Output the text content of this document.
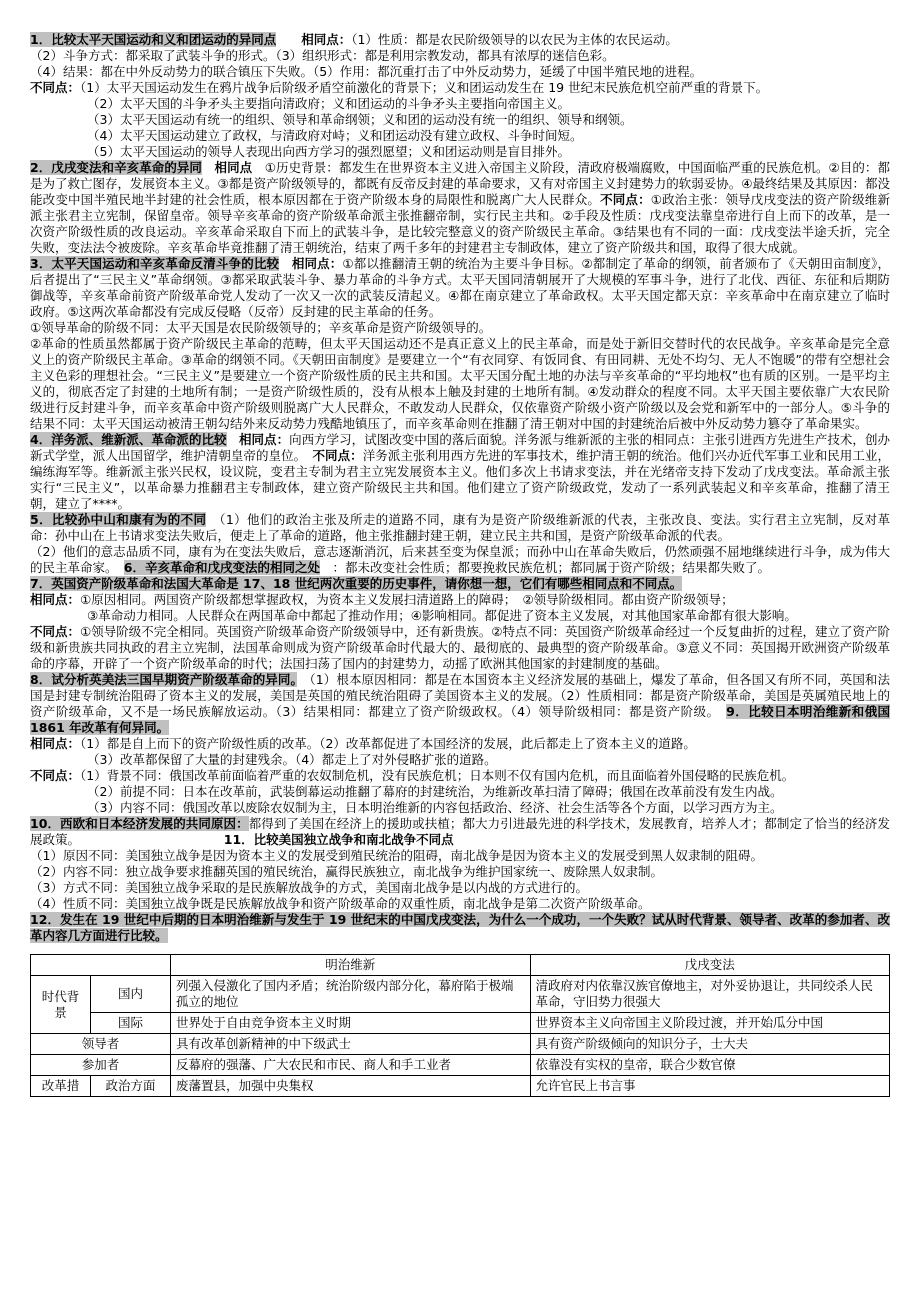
1．比较太平天国运动和义和团运动的异同点　　相同点：（1）性质：都是农民阶级领导的以农民为主体的农民运动。

（2）斗争方式：都采取了武装斗争的形式。（3）组织形式：都是利用宗教发动，都具有浓厚的迷信色彩。

（4）结果：都在中外反动势力的联合镇压下失败。（5）作用：都沉重打击了中外反动势力，延缓了中国半殖民地的进程。

不同点：（1）太平天国运动发生在鸦片战争后阶级矛盾空前激化的背景下；义和团运动发生在 19 世纪末民族危机空前严重的背景下。

（2）太平天国的斗争矛头主要指向清政府；义和团运动的斗争矛头主要指向帝国主义。

（3）太平天国运动有统一的组织、领导和革命纲领；义和团的运动没有统一的组织、领导和纲领。

（4）太平天国运动建立了政权，与清政府对峙；义和团运动没有建立政权、斗争时间短。

（5）太平天国运动的领导人表现出向西方学习的强烈愿望；义和团运动则是盲目排外。

2．戊戌变法和辛亥革命的异同　相同点　①历史背景：都发生在世界资本主义进入帝国主义阶段，清政府极端腐败，中国面临严重的民族危机。②目的：都是为了救亡图存，发展资本主义。③都是资产阶级领导的，都既有反帝反封建的革命要求，又有对帝国主义封建势力的软弱妥协。④最终结果及其原因：都没能改变中国半殖民地半封建的社会性质，根本原因都在于资产阶级本身的局限性和脱离广大人民群众。不同点：①政治主张：领导戊戌变法的资产阶级维新派主张君主立宪制，保留皇帝。领导辛亥革命的资产阶级革命派主张推翻帝制，实行民主共和。②手段及性质：戊戌变法靠皇帝进行自上而下的改革，是一次资产阶级性质的改良运动。辛亥革命采取自下而上的武装斗争，是比较完整意义的资产阶级民主革命。③结果也有不同的一面：戊戌变法半途夭折，完全失败，变法法令被废除。辛亥革命毕竟推翻了清王朝统治，结束了两千多年的封建君主专制政体，建立了资产阶级共和国，取得了很大成就。

3．太平天国运动和辛亥革命反清斗争的比较　相同点：①都以推翻清王朝的统治为主要斗争目标。②都制定了革命的纲领，前者颁布了《天朝田亩制度》，后者提出了“三民主义”革命纲领。③都采取武装斗争、暴力革命的斗争方式。太平天国同清朝展开了大规模的军事斗争，进行了北伐、西征、东征和后期防御战等，辛亥革命前资产阶级革命党人发动了一次又一次的武装反清起义。④都在南京建立了革命政权。太平天国定都天京：辛亥革命中在南京建立了临时政府。⑤这两次革命都没有完成反侵略（反帝）反封建的民主革命的任务。

①领导革命的阶级不同：太平天国是农民阶级领导的；辛亥革命是资产阶级领导的。

②革命的性质虽然都属于资产阶级民主革命的范畴，但太平天国运动还不是真正意义上的民主革命，而是处于新旧交替时代的农民战争。辛亥革命是完全意义上的资产阶级民主革命。③革命的纲领不同。《天朝田亩制度》是要建立一个“有衣同穿、有饭同食、有田同耕、无处不均匀、无人不饱暖”的带有空想社会主义色彩的理想社会。“三民主义”是要建立一个资产阶级性质的民主共和国。太平天国分配土地的办法与辛亥革命的“平均地权”也有质的区别。一是平均主义的，彻底否定了封建的土地所有制；一是资产阶级性质的，没有从根本上触及封建的土地所有制。④发动群众的程度不同。太平天国主要依靠广大农民阶级进行反封建斗争，而辛亥革命中资产阶级则脱离广大人民群众，不敢发动人民群众，仅依靠资产阶级小资产阶级以及会党和新军中的一部分人。⑤斗争的结果不同：太平天国运动被清王朝勾结外来反动势力残酷地镇压了，而辛亥革命则在推翻了清王朝对中国的封建统治后被中外反动势力篡夺了革命果实。

4．洋务派、维新派、革命派的比较　相同点：向西方学习，试图改变中国的落后面貌。洋务派与维新派的主张的相同点：主张引进西方先进生产技术，创办新式学堂，派人出国留学，维护清朝皇帝的皇位。　不同点：洋务派主张利用西方先进的军事技术，维护清王朝的统治。他们兴办近代军事工业和民用工业，编练海军等。维新派主张兴民权，设议院，变君主专制为君主立宪发展资本主义。他们多次上书请求变法，并在光绪帝支持下发动了戊戌变法。革命派主张实行“三民主义”，以革命暴力推翻君主专制政体，建立资产阶级民主共和国。他们建立了资产阶级政党，发动了一系列武装起义和辛亥革命，推翻了清王朝，建立了****。

5．比较孙中山和康有为的不同　（1）他们的政治主张及所走的道路不同，康有为是资产阶级维新派的代表，主张改良、变法。实行君主立宪制，反对革命：孙中山在上书请求变法失败后，便走上了革命的道路，他主张推翻封建王朝，建立民主共和国，是资产阶级革命派的代表。

（2）他们的意志品质不同，康有为在变法失败后，意志逐渐消沉，后来甚至变为保皇派；而孙中山在革命失败后，仍然顽强不屈地继续进行斗争，成为伟大的民主革命家。　6．辛亥革命和戊戌变法的相同之处　：都未改变社会性质；都要挽救民族危机；都同属于资产阶级；结果都失败了。

7．英国资产阶级革命和法国大革命是 17、18 世纪两次重要的历史事件，请你想一想，它们有哪些相同点和不同点。

相同点：①原因相同。两国资产阶级都想掌握政权，为资本主义发展扫清道路上的障碍；　②领导阶级相同。都由资产阶级领导；

③革命动力相同。人民群众在两国革命中都起了推动作用；④影响相同。都促进了资本主义发展，对其他国家革命都有很大影响。

不同点：①领导阶级不完全相同。英国资产阶级革命资产阶级领导中，还有新贵族。②特点不同：英国资产阶级革命经过一个反复曲折的过程，建立了资产阶级和新贵族共同执政的君主立宪制，法国革命则成为资产阶级革命时代最大的、最彻底的、最典型的资产阶级革命。③意义不同：英国揭开欧洲资产阶级革命的序幕，开辟了一个资产阶级革命的时代；法国扫荡了国内的封建势力，动摇了欧洲其他国家的封建制度的基础。

8．试分析英美法三国早期资产阶级革命的异同。　（1）根本原因相同：都是在本国资本主义经济发展的基础上，爆发了革命，但各国又有所不同，英国和法国是封建专制统治阻碍了资本主义的发展，美国是英国的殖民统治阻碍了美国资本主义的发展。（2）性质相同：都是资产阶级革命，美国是英属殖民地上的资产阶级革命，又不是一场民族解放运动。（3）结果相同：都建立了资产阶级政权。（4）领导阶级相同：都是资产阶级。　9．比较日本明治维新和俄国 1861 年改革有何异同。

相同点：（1）都是自上而下的资产阶级性质的改革。（2）改革都促进了本国经济的发展，此后都走上了资本主义的道路。

（3）改革都保留了大量的封建残余。（4）都走上了对外侵略扩张的道路。

不同点：（1）背景不同：俄国改革前面临着严重的农奴制危机，没有民族危机；日本则不仅有国内危机，而且面临着外国侵略的民族危机。

（2）前提不同：日本在改革前，武装倒幕运动推翻了幕府的封建统治，为维新改革扫清了障碍；俄国在改革前没有发生内战。

（3）内容不同：俄国改革以废除农奴制为主，日本明治维新的内容包括政治、经济、社会生活等各个方面，以学习西方为主。

10．西欧和日本经济发展的共同原因：都得到了美国在经济上的援助或扶植；都大力引进最先进的科学技术，发展教育，培养人才；都制定了恰当的经济发展政策。　　　　　　　　　　　　11．比较美国独立战争和南北战争不同点

（1）原因不同：美国独立战争是因为资本主义的发展受到殖民统治的阻碍，南北战争是因为资本主义的发展受到黑人奴隶制的阻碍。

（2）内容不同：独立战争要求推翻英国的殖民统治，赢得民族独立，南北战争为维护国家统一、废除黑人奴隶制。

（3）方式不同：美国独立战争采取的是民族解放战争的方式，美国南北战争是以内战的方式进行的。

（4）性质不同：美国独立战争既是民族解放战争和资产阶级革命的双重性质，南北战争是第二次资产阶级革命。

12．发生在 19 世纪中后期的日本明治维新与发生于 19 世纪末的中国戊戌变法，为什么一个成功，一个失败？试从时代背景、领导者、改革的参加者、改革内容几方面进行比较。

		明治维新	戊戌变法
时代背景	国内	列强入侵激化了国内矛盾；统治阶级内部分化，幕府陷于极端孤立的地位	清政府对内依靠汉族官僚地主，对外妥协退让，共同绞杀人民革命，守旧势力很强大
	国际	世界处于自由竞争资本主义时期	世界资本主义向帝国主义阶段过渡，并开始瓜分中国
领导者		具有改革创新精神的中下级武士	具有资产阶级倾向的知识分子，士大夫
参加者		反幕府的强藩、广大农民和市民、商人和手工业者	依靠没有实权的皇帝，联合少数官僚
改革措	政治方面	废藩置县，加强中央集权	允许官民上书言事
